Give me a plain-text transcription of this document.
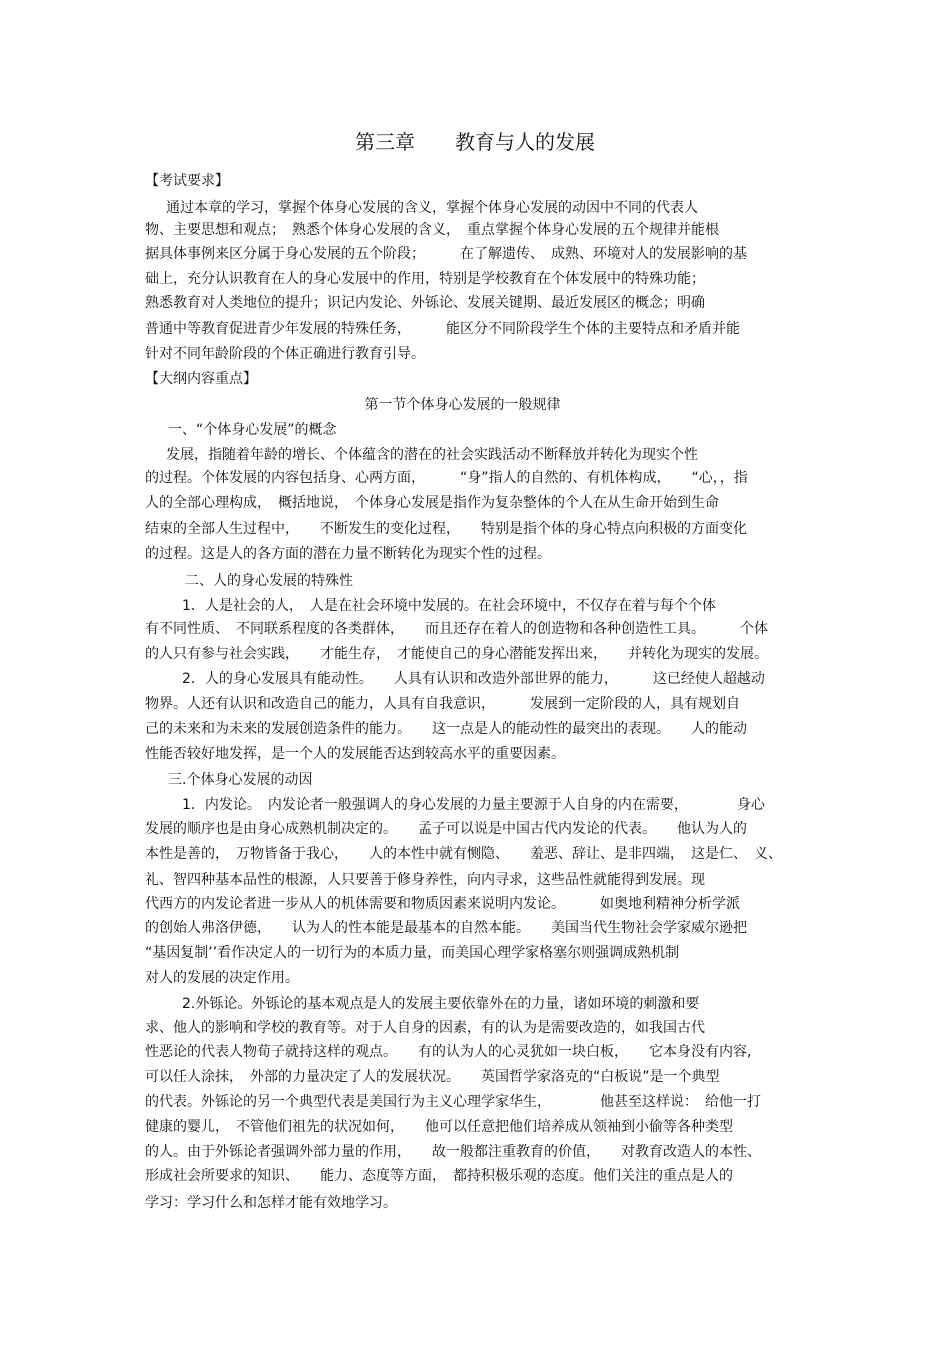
第三章　　教育与人的发展
【考试要求】
　通过本章的学习，掌握个体身心发展的含义，掌握个体身心发展的动因中不同的代表人
物、主要思想和观点；　熟悉个体身心发展的含义，　重点掌握个体身心发展的五个规律并能根
据具体事例来区分属于身心发展的五个阶段；　　　在了解遗传、　成熟、环境对人的发展影响的基
础上，充分认识教育在人的身心发展中的作用，特别是学校教育在个体发展中的特殊功能；
熟悉教育对人类地位的提升；识记内发论、外铄论、发展关键期、最近发展区的概念；明确
普通中等教育促进青少年发展的特殊任务，　　　能区分不同阶段学生个体的主要特点和矛盾并能
针对不同年龄阶段的个体正确进行教育引导。
【大纲内容重点】
第一节个体身心发展的一般规律
一、“个体身心发展”的概念
　发展，指随着年龄的增长、个体蕴含的潜在的社会实践活动不断释放并转化为现实个性
的过程。个体发展的内容包括身、心两方面，　　　“身”指人的自然的、有机体构成，　　“心，，指
人的全部心理构成，　概括地说，　个体身心发展是指作为复杂整体的个人在从生命开始到生命
结束的全部人生过程中，　　不断发生的变化过程，　　特别是指个体的身心特点向积极的方面变化
的过程。这是人的各方面的潜在力量不断转化为现实个性的过程。
二、人的身心发展的特殊性
　1．人是社会的人，　人是在社会环境中发展的。在社会环境中，不仅存在着与每个个体
有不同性质、　不同联系程度的各类群体，　　而且还存在着人的创造物和各种创造性工具。　　　个体
的人只有参与社会实践，　　才能生存，　才能使自己的身心潜能发挥出来，　　并转化为现实的发展。
　2．人的身心发展具有能动性。　　人具有认识和改造外部世界的能力，　　　这已经使人超越动
物界。人还有认识和改造自己的能力，人具有自我意识，　　　发展到一定阶段的人，具有规划自
己的未来和为未来的发展创造条件的能力。　　这一点是人的能动性的最突出的表现。　　人的能动
性能否较好地发挥，是一个人的发展能否达到较高水平的重要因素。
三.个体身心发展的动因
　1．内发论。　内发论者一般强调人的身心发展的力量主要源于人自身的内在需要，　　　　身心
发展的顺序也是由身心成熟机制决定的。　　孟子可以说是中国古代内发论的代表。　　他认为人的
本性是善的，　万物皆备于我心，　　人的本性中就有恻隐、　　羞恶、辞让、是非四端，　这是仁、　义、
礼、智四种基本品性的根源，人只要善于修身养性，向内寻求，这些品性就能得到发展。现
代西方的内发论者进一步从人的机体需要和物质因素来说明内发论。　　　如奥地利精神分析学派
的创始人弗洛伊德，　　认为人的性本能是最基本的自然本能。　　美国当代生物社会学家威尔逊把
“基因复制’’看作决定人的一切行为的本质力量，而美国心理学家格塞尔则强调成熟机制
对人的发展的决定作用。
　2.外铄论。外铄论的基本观点是人的发展主要依靠外在的力量，诸如环境的刺激和要
求、他人的影响和学校的教育等。对于人自身的因素，有的认为是需要改造的，如我国古代
性恶论的代表人物荀子就持这样的观点。　　有的认为人的心灵犹如一块白板，　　它本身没有内容,
可以任人涂抹，　外部的力量决定了人的发展状况。　　英国哲学家洛克的“白板说”是一个典型
的代表。外铄论的另一个典型代表是美国行为主义心理学家华生，　　　　他甚至这样说：　给他一打
健康的婴儿，　不管他们祖先的状况如何，　　他可以任意把他们培养成从领袖到小偷等各种类型
的人。由于外铄论者强调外部力量的作用，　　故一般都注重教育的价值，　　对教育改造人的本性、
形成社会所要求的知识、　　能力、态度等方面，　都持积极乐观的态度。他们关注的重点是人的
学习：学习什么和怎样才能有效地学习。
